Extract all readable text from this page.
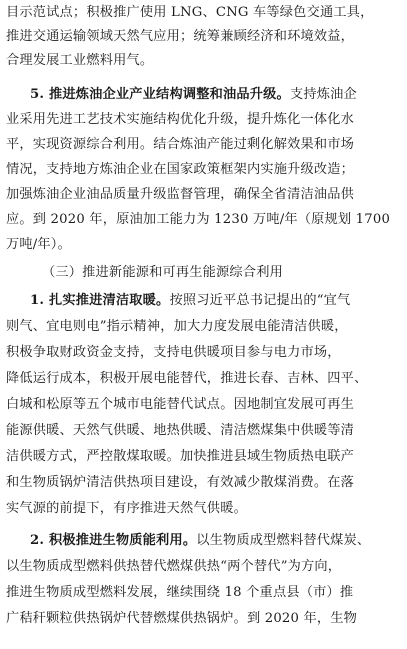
目示范试点；积极推广使用 LNG、CNG 车等绿色交通工具，
推进交通运输领域天然气应用；统筹兼顾经济和环境效益，
合理发展工业燃料用气。
5. 推进炼油企业产业结构调整和油品升级。支持炼油企
业采用先进工艺技术实施结构优化升级，提升炼化一体化水
平，实现资源综合利用。结合炼油产能过剩化解效果和市场
情况，支持地方炼油企业在国家政策框架内实施升级改造；
加强炼油企业油品质量升级监督管理，确保全省清洁油品供
应。到 2020 年，原油加工能力为 1230 万吨/年（原规划 1700
万吨/年）。
（三）推进新能源和可再生能源综合利用
1. 扎实推进清洁取暖。按照习近平总书记提出的“宜气
则气、宜电则电”指示精神，加大力度发展电能清洁供暖，
积极争取财政资金支持，支持电供暖项目参与电力市场，
降低运行成本，积极开展电能替代，推进长春、吉林、四平、
白城和松原等五个城市电能替代试点。因地制宜发展可再生
能源供暖、天然气供暖、地热供暖、清洁燃煤集中供暖等清
洁供暖方式，严控散煤取暖。加快推进县域生物质热电联产
和生物质锅炉清洁供热项目建设，有效减少散煤消费。在落
实气源的前提下，有序推进天然气供暖。
2. 积极推进生物质能利用。以生物质成型燃料替代煤炭、
以生物质成型燃料供热替代燃煤供热“两个替代”为方向，
推进生物质成型燃料发展，继续围绕 18 个重点县（市）推
广秸秆颗粒供热锅炉代替燃煤供热锅炉。到 2020 年，生物
